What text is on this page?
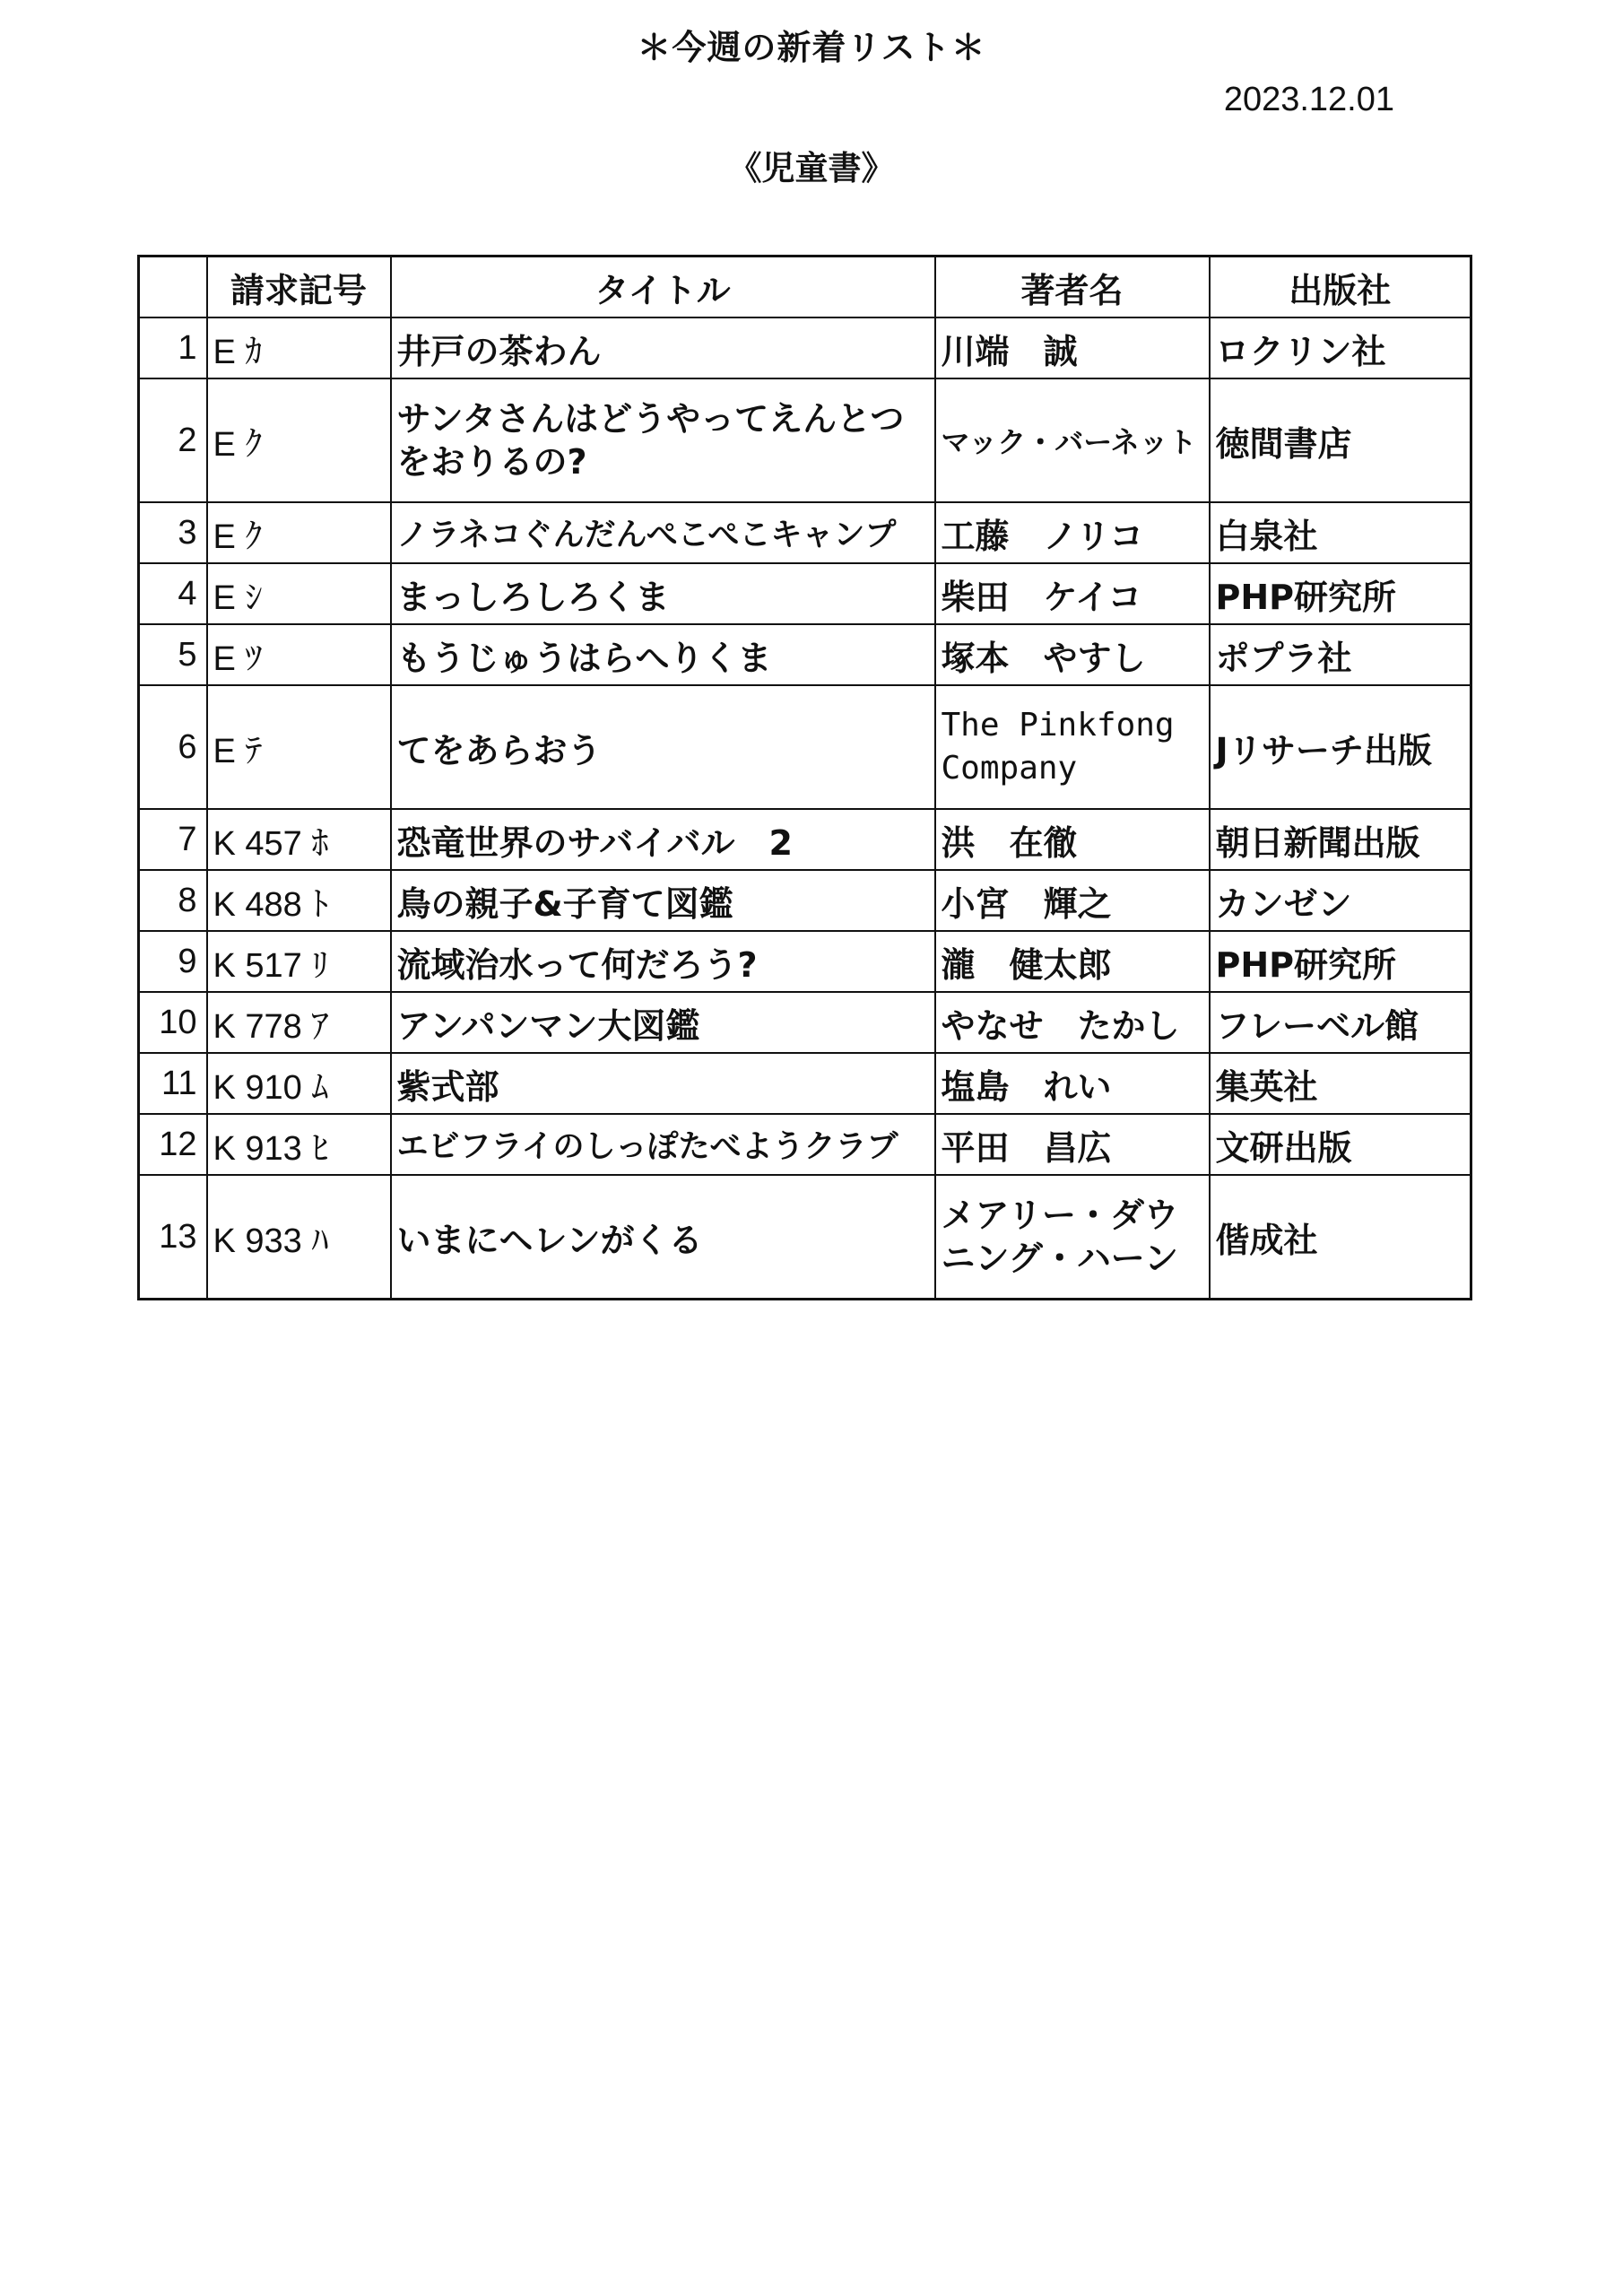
＊今週の新着リスト＊
2023.12.01
《児童書》
	請求記号	タイトル	著者名	出版社
1	E ｶ	井戸の茶わん	川端　誠	ロクリン社
2	E ｸ	サンタさんはどうやってえんとつをおりるの?	マック・バーネット	徳間書店
3	E ｸ	ノラネコぐんだんぺこぺこキャンプ	工藤　ノリコ	白泉社
4	E ｼ	まっしろしろくま	柴田　ケイコ	PHP研究所
5	E ﾂ	もうじゅうはらへりくま	塚本　やすし	ポプラ社
6	E ﾃ	てをあらおう	The Pinkfong Company	Jリサーチ出版
7	K 457 ﾎ	恐竜世界のサバイバル　2	洪　在徹	朝日新聞出版
8	K 488 ﾄ	鳥の親子&子育て図鑑	小宮　輝之	カンゼン
9	K 517 ﾘ	流域治水って何だろう?	瀧　健太郎	PHP研究所
10	K 778 ｱ	アンパンマン大図鑑	やなせ　たかし	フレーベル館
11	K 910 ﾑ	紫式部	塩島　れい	集英社
12	K 913 ﾋ	エビフライのしっぽたべようクラブ	平田　昌広	文研出版
13	K 933 ﾊ	いまにヘレンがくる	メアリー・ダウニング・ハーン	偕成社
